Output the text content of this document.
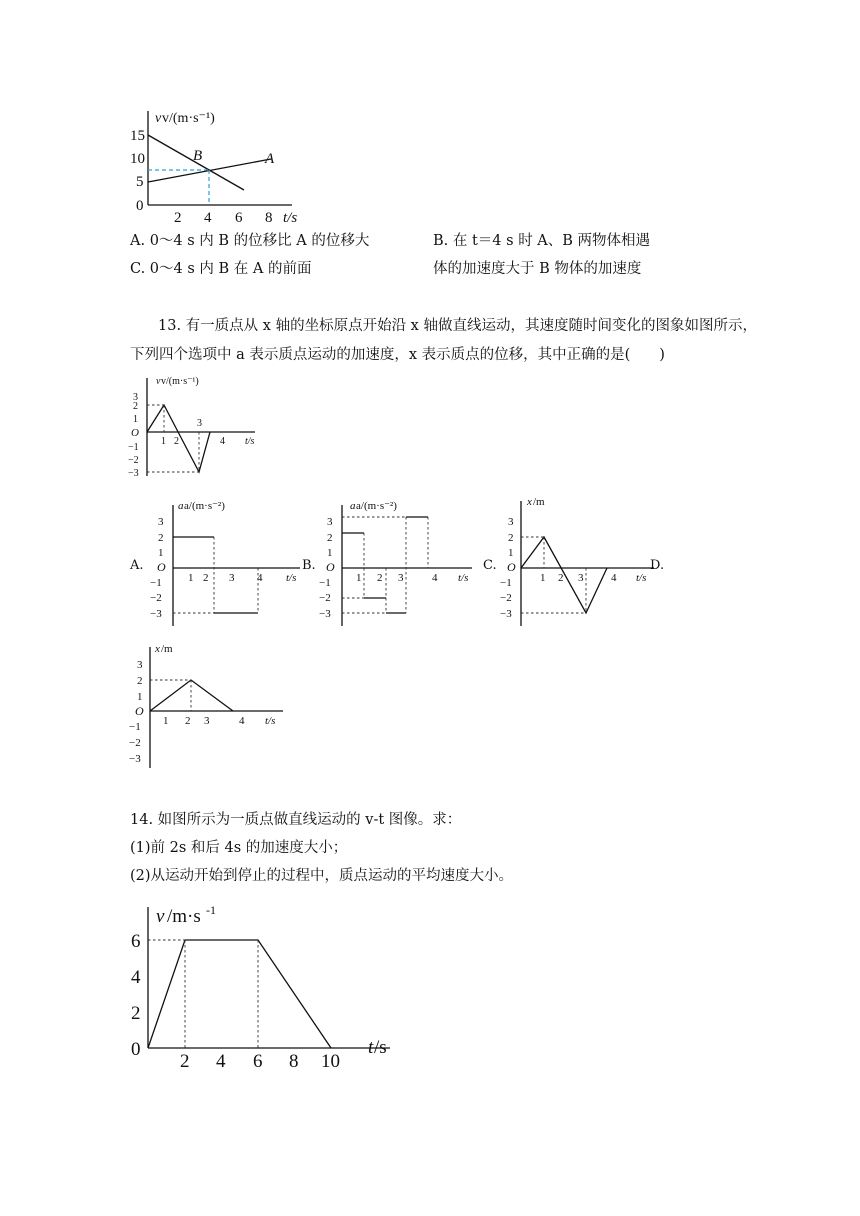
v v/(m·s⁻¹)
15
10
5
0
2 4 6 8 t/s
B	A
A. 0～4 s 内 B 的位移比 A 的位移大	B. 在 t＝4 s 时 A、B 两物体相遇
C. 0～4 s 内 B 在 A 的前面	体的加速度大于 B 物体的加速度
13. 有一质点从 x 轴的坐标原点开始沿 x 轴做直线运动，其速度随时间变化的图象如图所示，
下列四个选项中 a 表示质点运动的加速度，x 表示质点的位移，其中正确的是(　　)
v v/(m·s⁻¹)
3
2
1
O
−1
−2
−3
1 2
3
4 t/s
A.
a a/(m·s⁻²)
3
2
1
O
−1
−2
−3
1 2 3 4 t/s
B.
a a/(m·s⁻²)
3
2
1
O
−1
−2
−3
1 2 3	4 t/s
C.
x /m
3
2
1
O
−1
−2
−3
1 2 3	4 t/s
D.
x /m
3
2
1
O
−1
−2
−3
1 2 3	4 t/s
14. 如图所示为一质点做直线运动的 v-t 图像。求：
(1)前 2s 和后 4s 的加速度大小；
(2)从运动开始到停止的过程中，质点运动的平均速度大小。
v /m·s -1
6
4
2
0
2 4 6 8 10
t /s
